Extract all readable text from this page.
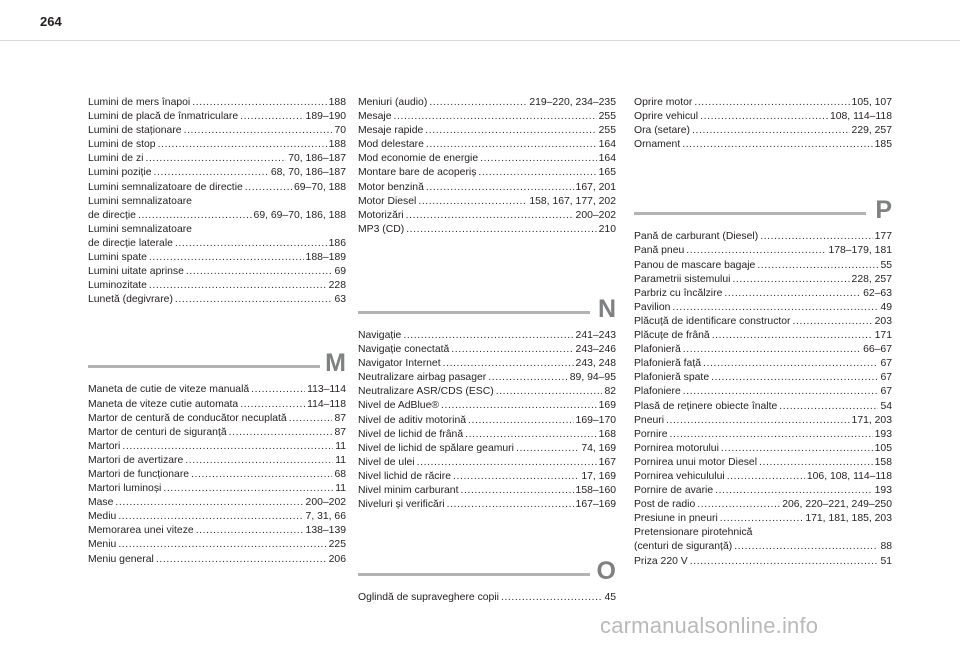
264
Lumini de mers înapoi .....	188
Lumini de placă de înmatriculare .....	189–190
Lumini de staționare .....	70
Lumini de stop .....	188
Lumini de zi .....	70, 186–187
Lumini poziție .....	68, 70, 186–187
Lumini semnalizatoare de directie .....	69–70, 188
Lumini semnalizatoare
de direcție .....	69, 69–70, 186, 188
Lumini semnalizatoare
de direcție laterale .....	186
Lumini spate .....	188–189
Lumini uitate aprinse .....	69
Luminozitate .....	228
Lunetă (degivrare) .....	63
M
Maneta de cutie de viteze manuală .....	113–114
Maneta de viteze cutie automata .....	114–118
Martor de centură de conducător necuplată .....	87
Martor de centuri de siguranță .....	87
Martori .....	11
Martori de avertizare .....	11
Martori de funcționare .....	68
Martori luminoși .....	11
Mase .....	200–202
Mediu .....	7, 31, 66
Memorarea unei viteze .....	138–139
Meniu .....	225
Meniu general .....	206
Meniuri (audio) .....	219–220, 234–235
Mesaje .....	255
Mesaje rapide .....	255
Mod delestare .....	164
Mod economie de energie .....	164
Montare bare de acoperiș .....	165
Motor benzină .....	167, 201
Motor Diesel .....	158, 167, 177, 202
Motorizări .....	200–202
MP3 (CD) .....	210
N
Navigație .....	241–243
Navigație conectată .....	243–246
Navigator Internet .....	243, 248
Neutralizare airbag pasager .....	89, 94–95
Neutralizare ASR/CDS (ESC) .....	82
Nivel de AdBlue® .....	169
Nivel de aditiv motorină .....	169–170
Nivel de lichid de frână .....	168
Nivel de lichid de spălare geamuri .....	74, 169
Nivel de ulei .....	167
Nivel lichid de răcire .....	17, 169
Nivel minim carburant .....	158–160
Niveluri și verificări .....	167–169
O
Oglindă de supraveghere copii .....	45
Oprire motor .....	105, 107
Oprire vehicul .....	108, 114–118
Ora (setare) .....	229, 257
Ornament .....	185
P
Pană de carburant (Diesel) .....	177
Pană pneu .....	178–179, 181
Panou de mascare bagaje .....	55
Parametrii sistemului .....	228, 257
Parbriz cu încălzire .....	62–63
Pavilion .....	49
Plăcuță de identificare constructor .....	203
Plăcuțe de frână .....	171
Plafonieră .....	66–67
Plafonieră față .....	67
Plafonieră spate .....	67
Plafoniere .....	67
Plasă de reținere obiecte înalte .....	54
Pneuri .....	171, 203
Pornire .....	193
Pornirea motorului .....	105
Pornirea unui motor Diesel .....	158
Pornirea vehiculului .....	106, 108, 114–118
Pornire de avarie .....	193
Post de radio .....	206, 220–221, 249–250
Presiune in pneuri .....	171, 181, 185, 203
Pretensionare pirotehnică
(centuri de siguranță) .....	88
Priza 220 V .....	51
carmanualsonline.info
